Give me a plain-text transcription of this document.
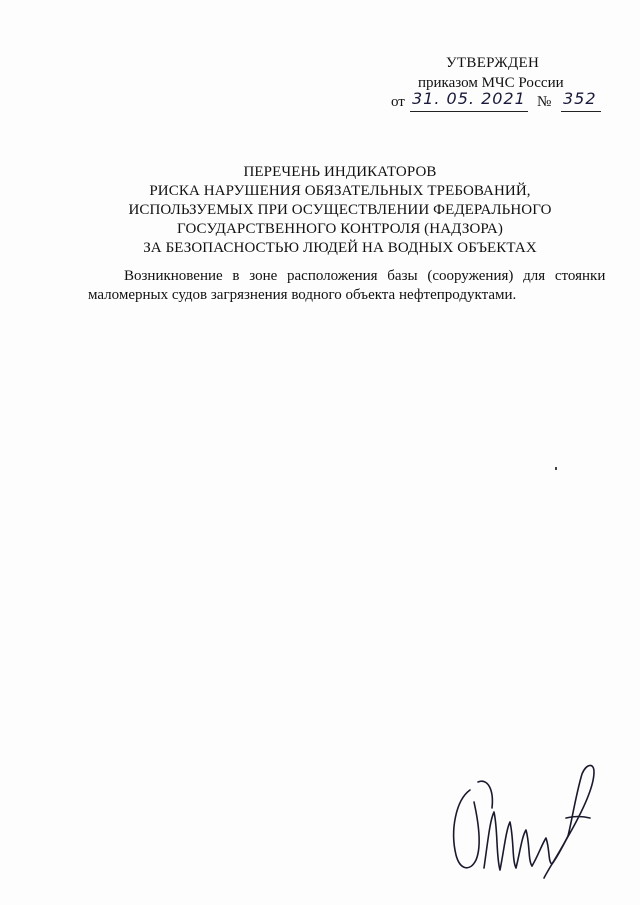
УТВЕРЖДЕН
приказом МЧС России
от 31. 05. 2021 № 352
ПЕРЕЧЕНЬ ИНДИКАТОРОВ
РИСКА НАРУШЕНИЯ ОБЯЗАТЕЛЬНЫХ ТРЕБОВАНИЙ,
ИСПОЛЬЗУЕМЫХ ПРИ ОСУЩЕСТВЛЕНИИ ФЕДЕРАЛЬНОГО
ГОСУДАРСТВЕННОГО КОНТРОЛЯ (НАДЗОРА)
ЗА БЕЗОПАСНОСТЬЮ ЛЮДЕЙ НА ВОДНЫХ ОБЪЕКТАХ
Возникновение в зоне расположения базы (сооружения) для стоянки
маломерных судов загрязнения водного объекта нефтепродуктами.
